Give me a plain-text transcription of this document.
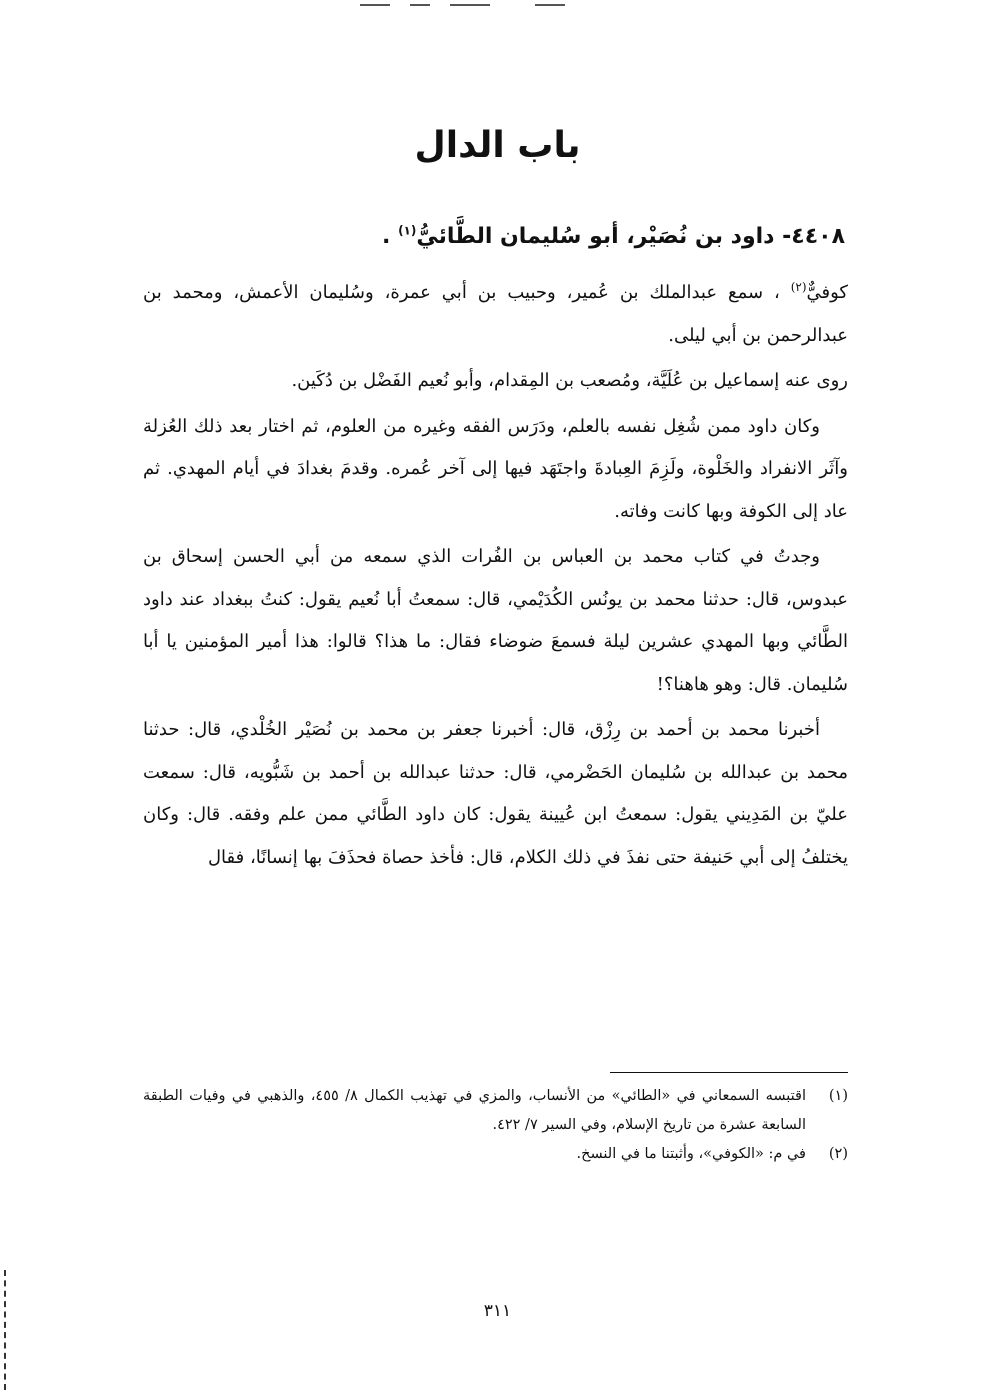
باب الدال
٤٤٠٨- داود بن نُصَيْر، أبو سُليمان الطَّائيُّ$^{(١)}$ .

كوفيٌّ$^{(٢)}$ ، سمع عبدالملك بن عُمير، وحبيب بن أبي عمرة، وسُليمان الأعمش، ومحمد بن عبدالرحمن بن أبي ليلى.

روى عنه إسماعيل بن عُلَيَّة، ومُصعب بن المِقدام، وأبو نُعيم الفَضْل بن دُكَين.

وكان داود ممن شُغِل نفسه بالعلم، ودَرَس الفقه وغيره من العلوم، ثم اختار بعد ذلك العُزلة وآثَر الانفراد والخَلْوة، ولَزِمَ العِبادةَ واجتَهَد فيها إلى آخر عُمره. وقدمَ بغدادَ في أيام المهدي. ثم عاد إلى الكوفة وبها كانت وفاته.

وجدتُ في كتاب محمد بن العباس بن الفُرات الذي سمعه من أبي الحسن إسحاق بن عبدوس، قال: حدثنا محمد بن يونُس الكُدَيْمي، قال: سمعتُ أبا نُعيم يقول: كنتُ ببغداد عند داود الطَّائي وبها المهدي عشرين ليلة فسمعَ ضوضاء فقال: ما هذا؟ قالوا: هذا أمير المؤمنين يا أبا سُليمان. قال: وهو هاهنا؟!

أخبرنا محمد بن أحمد بن رِزْق، قال: أخبرنا جعفر بن محمد بن نُصَيْر الخُلْدي، قال: حدثنا محمد بن عبدالله بن سُليمان الحَضْرمي، قال: حدثنا عبدالله بن أحمد بن شَبُّويه، قال: سمعت عليّ بن المَدِيني يقول: سمعتُ ابن عُيينة يقول: كان داود الطَّائي ممن علم وفقه. قال: وكان يختلفُ إلى أبي حَنيفة حتى نفذَ في ذلك الكلام، قال: فأخذ حصاة فحذَفَ بها إنسانًا، فقال

(١)
اقتبسه السمعاني في «الطائي» من الأنساب، والمزي في تهذيب الكمال ٨/ ٤٥٥، والذهبي في وفيات الطبقة السابعة عشرة من تاريخ الإسلام، وفي السير ٧/ ٤٢٢.
(٢)
في م: «الكوفي»، وأثبتنا ما في النسخ.
٣١١
